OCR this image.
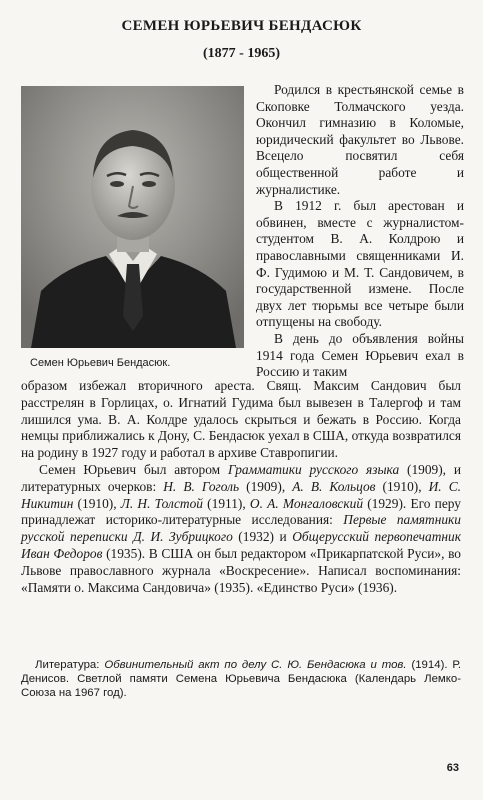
СЕМЕН ЮРЬЕВИЧ БЕНДАСЮК
(1877 - 1965)
Семен Юрьевич Бендасюк.

Родился в крестьянской семье в Скоповке Толмачского уезда. Окончил гимназию в Коломые, юридический факультет во Львове. Всецело посвятил себя общественной работе и журналистике.

В 1912 г. был арестован и обвинен, вместе с журналистом-студентом В. А. Колдрою и православными священниками И. Ф. Гудимою и М. Т. Сандовичем, в государственной измене. После двух лет тюрьмы все четыре были отпущены на свободу.

В день до объявления войны 1914 года Семен Юрьевич ехал в Россию и таким

образом избежал вторичного ареста. Свящ. Максим Сандович был расстрелян в Горлицах, о. Игнатий Гудима был вывезен в Талергоф и там лишился ума. В. А. Колдре удалось скрыться и бежать в Россию. Когда немцы приближались к Дону, С. Бендасюк уехал в США, откуда возвратился на родину в 1927 году и работал в архиве Ставропигии.

Семен Юрьевич был автором Грамматики русского языка (1909), и литературных очерков: Н. В. Гоголь (1909), А. В. Кольцов (1910), И. С. Никитин (1910), Л. Н. Толстой (1911), О. А. Монгаловский (1929). Его перу принадлежат историко-литературные исследования: Первые памятники русской переписки Д. И. Зубрицкого (1932) и Общерусский первопечатник Иван Федоров (1935). В США он был редактором «Прикарпатской Руси», во Львове православного журнала «Воскресение». Написал воспоминания: «Памяти о. Максима Сандовича» (1935). «Единство Руси» (1936).

Литература: Обвинительный акт по делу С. Ю. Бендасюка и тов. (1914). Р. Денисов. Светлой памяти Семена Юрьевича Бендасюка (Календарь Лемко-Союза на 1967 год).
63
